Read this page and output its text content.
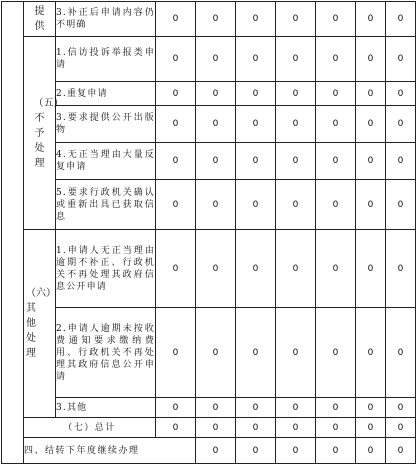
	提供	3.补正后申请内容仍不明确	0	0	0	0	0	0	0	

	（五）不予处理	1.信访投诉举报类申请	0	0	0	0	0	0	0	
		2.重复申请	0	0	0	0	0	0	0	
		3.要求提供公开出版物	0	0	0	0	0	0	0	
		4.无正当理由大量反复申请	0	0	0	0	0	0	0	
		5.要求行政机关确认或重新出具已获取信息	0	0	0	0	0	0	0	

	（六）其他处理	1.申请人无正当理由逾期不补正、行政机关不再处理其政府信息公开申请	0	0	0	0	0	0	0	
		2.申请人逾期未按收费通知要求缴纳费用、行政机关不再处理其政府信息公开申请	0	0	0	0	0	0	0	
		3.其他	0	0	0	0	0	0	0	
	（七）总计		0	0	0	0	0	0	0	
	四、结转下年度继续办理			0	0	0	0	0	0	
